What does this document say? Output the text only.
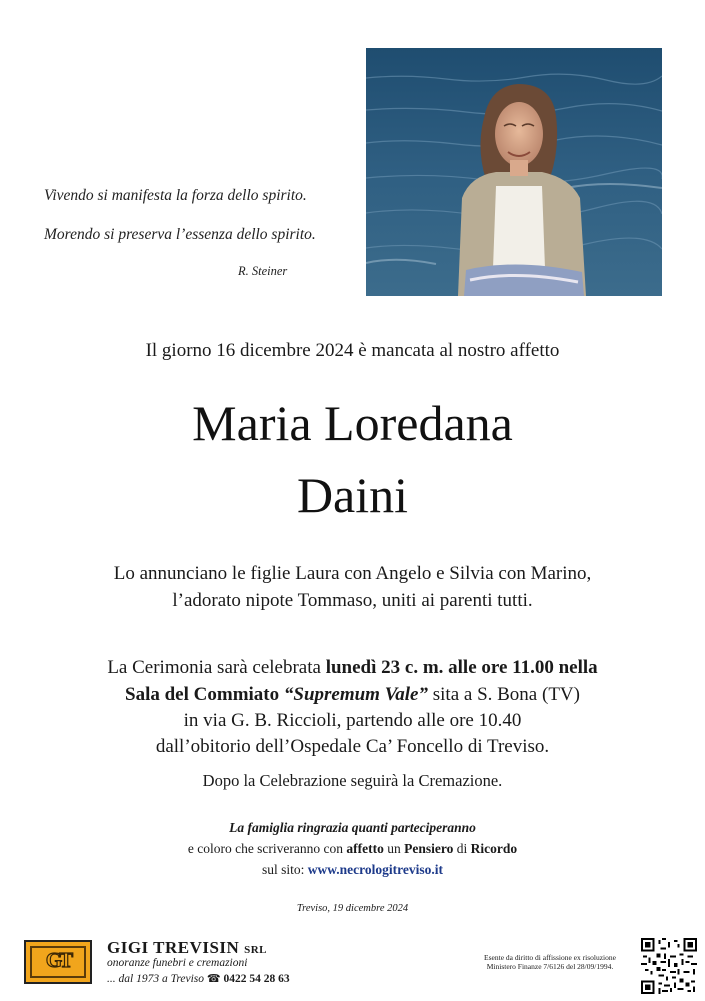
Vivendo si manifesta la forza dello spirito.
Morendo si preserva l’essenza dello spirito.
R. Steiner
Il giorno 16 dicembre 2024 è mancata al nostro affetto
Maria Loredana
Daini
Lo annunciano le figlie Laura con Angelo e Silvia con Marino,
l’adorato nipote Tommaso, uniti ai parenti tutti.
La Cerimonia sarà celebrata lunedì 23 c. m. alle ore 11.00 nella
Sala del Commiato “Supremum Vale” sita a S. Bona (TV)
in via G. B. Riccioli, partendo alle ore 10.40
dall’obitorio dell’Ospedale Ca’ Foncello di Treviso.
Dopo la Celebrazione seguirà la Cremazione.
La famiglia ringrazia quanti parteciperanno
e coloro che scriveranno con affetto un Pensiero di Ricordo
sul sito: www.necrologitreviso.it
Treviso, 19 dicembre 2024
GT
GIGI TREVISIN SRL
onoranze funebri e cremazioni
... dal 1973 a Treviso ☎ 0422 54 28 63
Esente da diritto di affissione ex risoluzione
Ministero Finanze 7/6126 del 28/09/1994.
